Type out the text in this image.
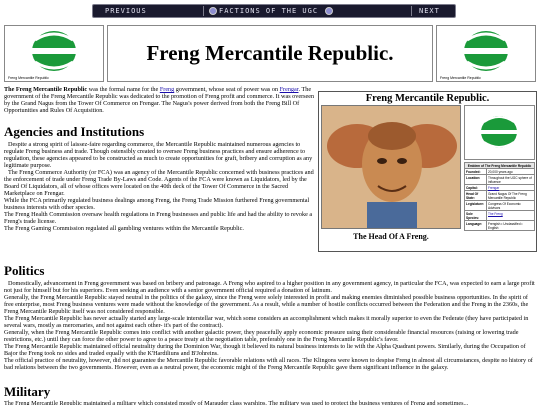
PREVIOUS	FACTIONS OF THE UGC	NEXT
Freng Mercantile Republic
Freng Mercantile Republic.
Freng Mercantile Republic
The Freng Mercantile Republic was the formal name for the Freng government, whose seat of power was on Frengar. The government of the Freng Mercantile Republic was dedicated to the promotion of Freng profit and commerce. It was overseen by the Grand Nagus from the Tower Of Commerce on Frengar. The Nagus's power derived from both the Freng Bill Of Opportunities and Rules Of Acquisition.
Agencies and Institutions
Despite a strong spirit of laissez-faire regarding commerce, the Mercantile Republic maintained numerous agencies to regulate Freng business and trade. Though ostensibly created to oversee Freng business practices and ensure adherence to regulation, these agencies appeared to be constructed as much to create opportunities for graft, bribery and corruption as any legitimate purpose.
The Freng Commerce Authority (or FCA) was an agency of the Mercantile Republic concerned with business practices and the enforcement of trade under Freng Trade By-Laws and Code. Agents of the FCA were known as Liquidators, led by the Board Of Liquidators, all of whose offices were located on the 40th deck of the Tower Of Commerce in the Sacred Marketplace on Frengar.
While the FCA primarily regulated business dealings among Freng, the Freng Trade Mission furthered Freng governmental business interests with other species.
The Freng Health Commission oversaw health regulations in Freng businesses and public life and had the ability to revoke a Freng's trade license.
The Freng Gaming Commission regulated all gambling ventures within the Mercantile Republic.
Freng Mercantile Republic.
The Head Of A Freng.
Emblem of The Freng Mercantile Republic	
Founded:	20,000 years ago
Location:	Throughout the UGC sphere of influence
Capital:	Frengar
Head Of State:	Grand Nagus Of The Freng Mercantile Republic
Legislature:	Congress Of Economic Advisors
Sole Species:	The Freng
Language:	Frengish • Unclassified • English
Politics
Domestically, advancement in Freng government was based on bribery and patronage. A Freng who aspired to a higher position in any government agency, in particular the FCA, was expected to earn a large profit not just for himself but for his superiors. Even seeking an audience with a senior government official required a donation of latinum.
Generally, the Freng Mercantile Republic stayed neutral in the politics of the galaxy, since the Freng were solely interested in profit and making enemies diminished possible business opportunities. In the spirit of free enterprise, most Freng business ventures were made without the knowledge of the government. As a result, while a number of hostile conflicts occurred between the Federation and the Freng in the 2360s, the Freng Mercantile Republic itself was not considered responsible.
The Freng Mercantile Republic has never actually started any large-scale interstellar war, which some considers an accomplishment which makes it morally superior to even the Federate (they have participated in several wars, mostly as mercenaries, and not against each other- it's part of the contract).
Generally, when the Freng Mercantile Republic comes into conflict with another galactic power, they peacefully apply economic pressure using their considerable financial resources (raising or lowering trade restrictions, etc.) until they can force the other power to agree to a peace treaty at the negotiation table, preferably one in the Freng Mercantile Republic's favor.
The Freng Mercantile Republic maintained official neutrality during the Dominion War, though it believed its natural business interests to lie with the Alpha Quadrant powers. Similarly, during the Occupation of Bajor the Freng took no sides and traded equally with the K'Hardiliuns and B'Johreins.
The official practice of neutrality, however, did not guarantee the Mercantile Republic favorable relations with all races. The Klingons were known to despise Freng in almost all circumstances, despite no history of bad relations between the two governments. However, even as a neutral power, the economic might of the Freng Mercantile Republic gave them significant influence in the galaxy.
Military
The Freng Mercantile Republic maintained a military which consisted mostly of Marauder class warships. The military was used to protect the business ventures of Freng and sometimes...
